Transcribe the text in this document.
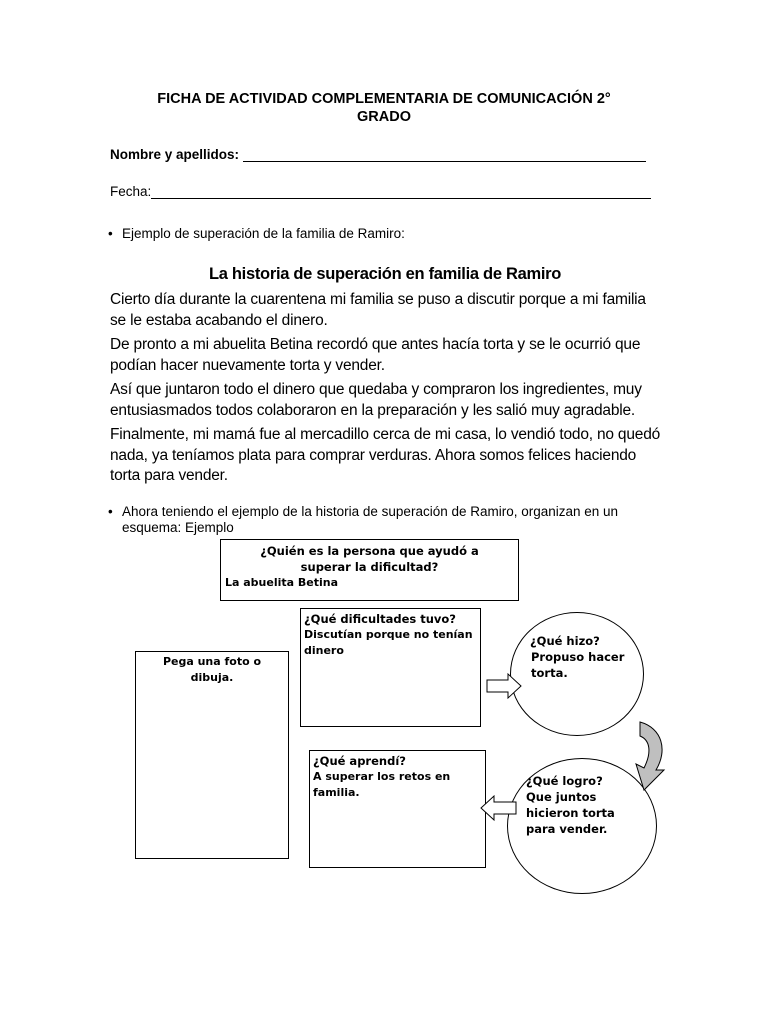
FICHA DE ACTIVIDAD COMPLEMENTARIA DE COMUNICACIÓN 2°
GRADO
Nombre y apellidos:
Fecha:
• Ejemplo de superación de la familia de Ramiro:
La historia de superación en familia de Ramiro

Cierto día durante la cuarentena mi familia se puso a discutir porque a mi familia se le estaba acabando el dinero.

De pronto a mi abuelita Betina recordó que antes hacía torta y se le ocurrió que podían hacer nuevamente torta y vender.

Así que juntaron todo el dinero que quedaba y compraron los ingredientes, muy entusiasmados todos colaboraron en la preparación y les salió muy agradable.

Finalmente, mi mamá fue al mercadillo cerca de mi casa, lo vendió todo, no quedó nada, ya teníamos plata para comprar verduras. Ahora somos felices haciendo torta para vender.

• Ahora teniendo el ejemplo de la historia de superación de Ramiro, organizan en un
esquema: Ejemplo
¿Quién es la persona que ayudó a superar la dificultad?
La abuelita Betina
¿Qué dificultades tuvo?
Discutían porque no tenían dinero
Pega una foto o dibuja.
¿Qué hizo?
Propuso hacer torta.
¿Qué aprendí?
A superar los retos en familia.
¿Qué logro?
Que juntos hicieron torta para vender.
